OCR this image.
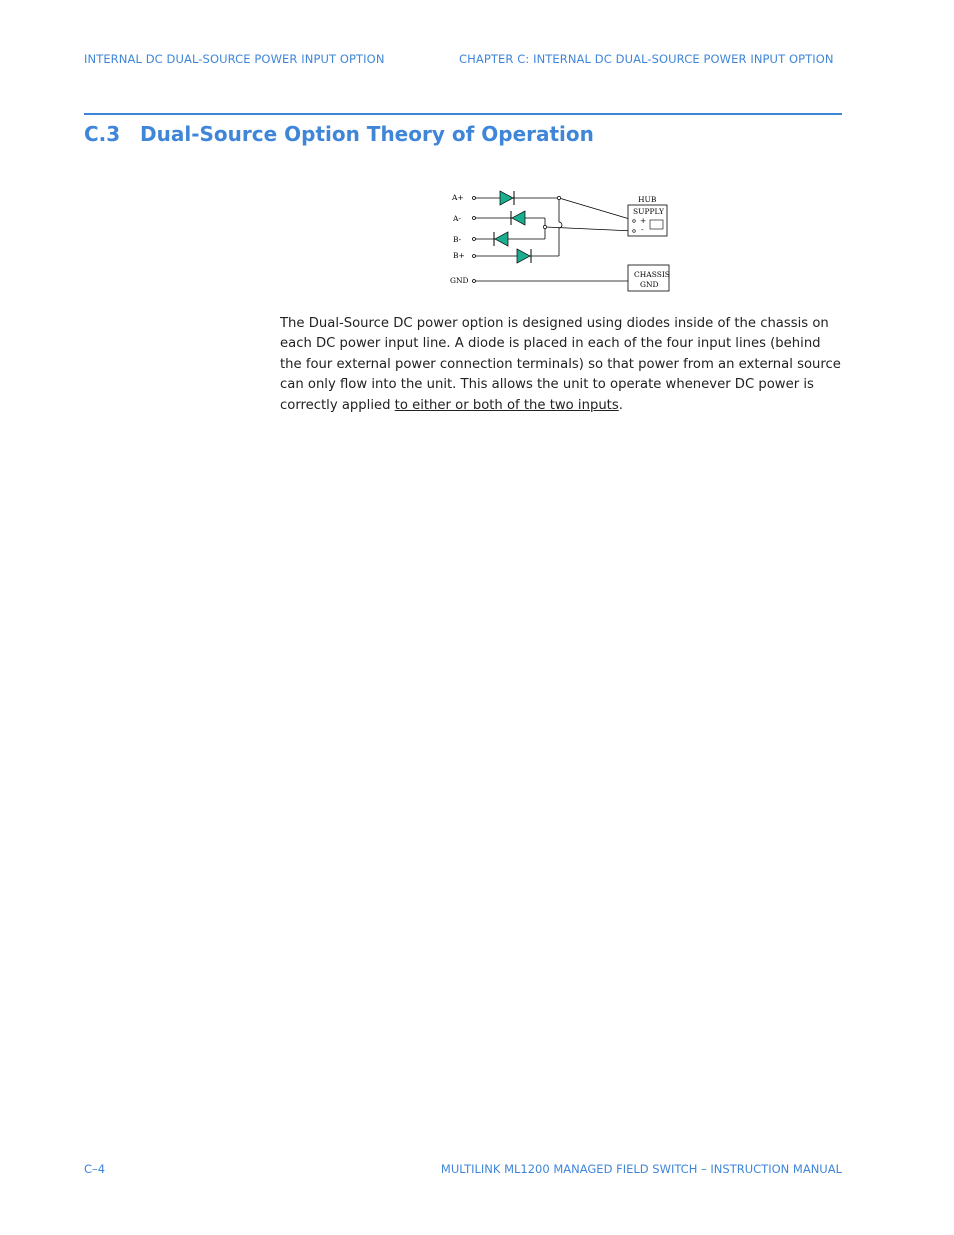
INTERNAL DC DUAL-SOURCE POWER INPUT OPTION	CHAPTER C: INTERNAL DC DUAL-SOURCE POWER INPUT OPTION
C.3 Dual-Source Option Theory of Operation
A+
A-
B-
B+
GND
HUB
SUPPLY
+
-
CHASSIS
GND

The Dual-Source DC power option is designed using diodes inside of the chassis on each DC power input line. A diode is placed in each of the four input lines (behind the four external power connection terminals) so that power from an external source can only flow into the unit. This allows the unit to operate whenever DC power is correctly applied to either or both of the two inputs.

C–4	MULTILINK ML1200 MANAGED FIELD SWITCH – INSTRUCTION MANUAL
